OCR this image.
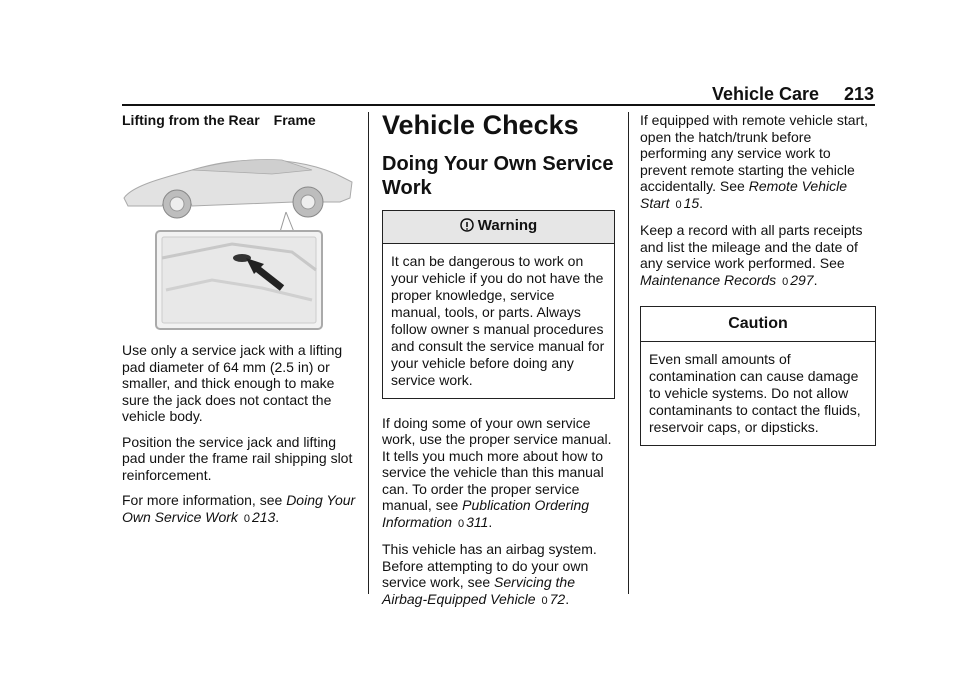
Vehicle Care 213
Lifting from the Rear Frame

Use only a service jack with a lifting pad diameter of 64 mm (2.5 in) or smaller, and thick enough to make sure the jack does not contact the vehicle body.

Position the service jack and lifting pad under the frame rail shipping slot reinforcement.

For more information, see Doing Your Own Service Work 0 213.

Vehicle Checks
Doing Your Own Service Work
Warning
It can be dangerous to work on your vehicle if you do not have the proper knowledge, service manual, tools, or parts. Always follow owner s manual procedures and consult the service manual for your vehicle before doing any service work.

If doing some of your own service work, use the proper service manual. It tells you much more about how to service the vehicle than this manual can. To order the proper service manual, see Publication Ordering Information 0 311.

This vehicle has an airbag system. Before attempting to do your own service work, see Servicing the Airbag-Equipped Vehicle 0 72.

If equipped with remote vehicle start, open the hatch/trunk before performing any service work to prevent remote starting the vehicle accidentally. See Remote Vehicle Start 0 15.

Keep a record with all parts receipts and list the mileage and the date of any service work performed. See Maintenance Records 0 297.

Caution
Even small amounts of contamination can cause damage to vehicle systems. Do not allow contaminants to contact the fluids, reservoir caps, or dipsticks.
